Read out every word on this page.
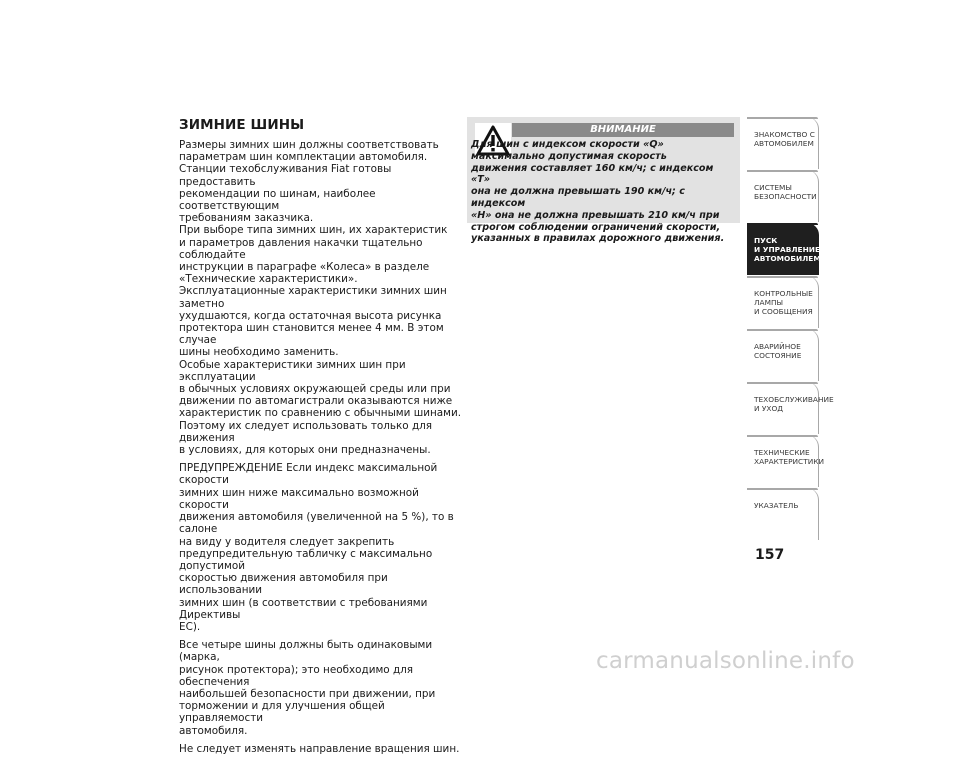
ЗИМНИЕ ШИНЫ

Размеры зимних шин должны соответствовать
параметрам шин комплектации автомобиля.
Станции техобслуживания Fiat готовы предоставить
рекомендации по шинам, наиболее соответствующим
требованиям заказчика.
При выборе типа зимних шин, их характеристик
и параметров давления накачки тщательно соблюдайте
инструкции в параграфе «Колеса» в разделе
«Технические характеристики».
Эксплуатационные характеристики зимних шин заметно
ухудшаются, когда остаточная высота рисунка
протектора шин становится менее 4 мм. В этом случае
шины необходимо заменить.
Особые характеристики зимних шин при эксплуатации
в обычных условиях окружающей среды или при
движении по автомагистрали оказываются ниже
характеристик по сравнению с обычными шинами.
Поэтому их следует использовать только для движения
в условиях, для которых они предназначены.

ПРЕДУПРЕЖДЕНИЕ Если индекс максимальной скорости
зимних шин ниже максимально возможной скорости
движения автомобиля (увеличенной на 5 %), то в салоне
на виду у водителя следует закрепить
предупредительную табличку с максимально допустимой
скоростью движения автомобиля при использовании
зимних шин (в соответствии с требованиями Директивы
ЕС).

Все четыре шины должны быть одинаковыми (марка,
рисунок протектора); это необходимо для обеспечения
наибольшей безопасности при движении, при
торможении и для улучшения общей управляемости
автомобиля.

Не следует изменять направление вращения шин.

ВНИМАНИЕ
Для шин с индексом скорости «Q»
максимально допустимая скорость
движения составляет 160 км/ч; с индексом «Т»
она не должна превышать 190 км/ч; с индексом
«Н» она не должна превышать 210 км/ч при
строгом соблюдении ограничений скорости,
указанных в правилах дорожного движения.
ЗНАКОМСТВО С
АВТОМОБИЛЕМ
СИСТЕМЫ
БЕЗОПАСНОСТИ
ПУСК
И УПРАВЛЕНИЕ
АВТОМОБИЛЕМ
КОНТРОЛЬНЫЕ
ЛАМПЫ
И СООБЩЕНИЯ
АВАРИЙНОЕ
СОСТОЯНИЕ
ТЕХОБСЛУЖИВАНИЕ
И УХОД
ТЕХНИЧЕСКИЕ
ХАРАКТЕРИСТИКИ
УКАЗАТЕЛЬ
157
carmanualsonline.info
